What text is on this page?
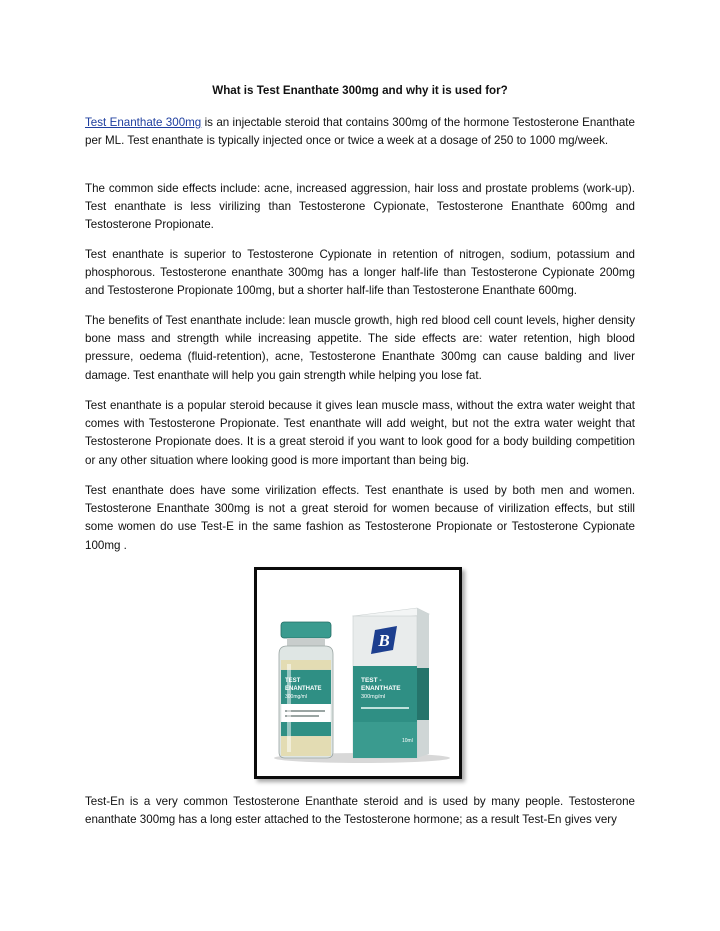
What is Test Enanthate 300mg and why it is used for?

Test Enanthate 300mg is an injectable steroid that contains 300mg of the hormone Testosterone Enanthate per ML. Test enanthate is typically injected once or twice a week at a dosage of 250 to 1000 mg/week.

The common side effects include: acne, increased aggression, hair loss and prostate problems (work-up). Test enanthate is less virilizing than Testosterone Cypionate, Testosterone Enanthate 600mg and Testosterone Propionate.

Test enanthate is superior to Testosterone Cypionate in retention of nitrogen, sodium, potassium and phosphorous. Testosterone enanthate 300mg has a longer half-life than Testosterone Cypionate 200mg and Testosterone Propionate 100mg, but a shorter half-life than Testosterone Enanthate 600mg.

The benefits of Test enanthate include: lean muscle growth, high red blood cell count levels, higher density bone mass and strength while increasing appetite. The side effects are: water retention, high blood pressure, oedema (fluid-retention), acne, Testosterone Enanthate 300mg can cause balding and liver damage. Test enanthate will help you gain strength while helping you lose fat.

Test enanthate is a popular steroid because it gives lean muscle mass, without the extra water weight that comes with Testosterone Propionate. Test enanthate will add weight, but not the extra water weight that Testosterone Propionate does. It is a great steroid if you want to look good for a body building competition or any other situation where looking good is more important than being big.

Test enanthate does have some virilization effects. Test enanthate is used by both men and women. Testosterone Enanthate 300mg is not a great steroid for women because of virilization effects, but still some women do use Test-E in the same fashion as Testosterone Propionate or Testosterone Cypionate 100mg .

B
TEST -
ENANTHATE
300mg/ml
10ml
TEST
ENANTHATE
300mg/ml

Test-En is a very common Testosterone Enanthate steroid and is used by many people. Testosterone enanthate 300mg has a long ester attached to the Testosterone hormone; as a result Test-En gives very
